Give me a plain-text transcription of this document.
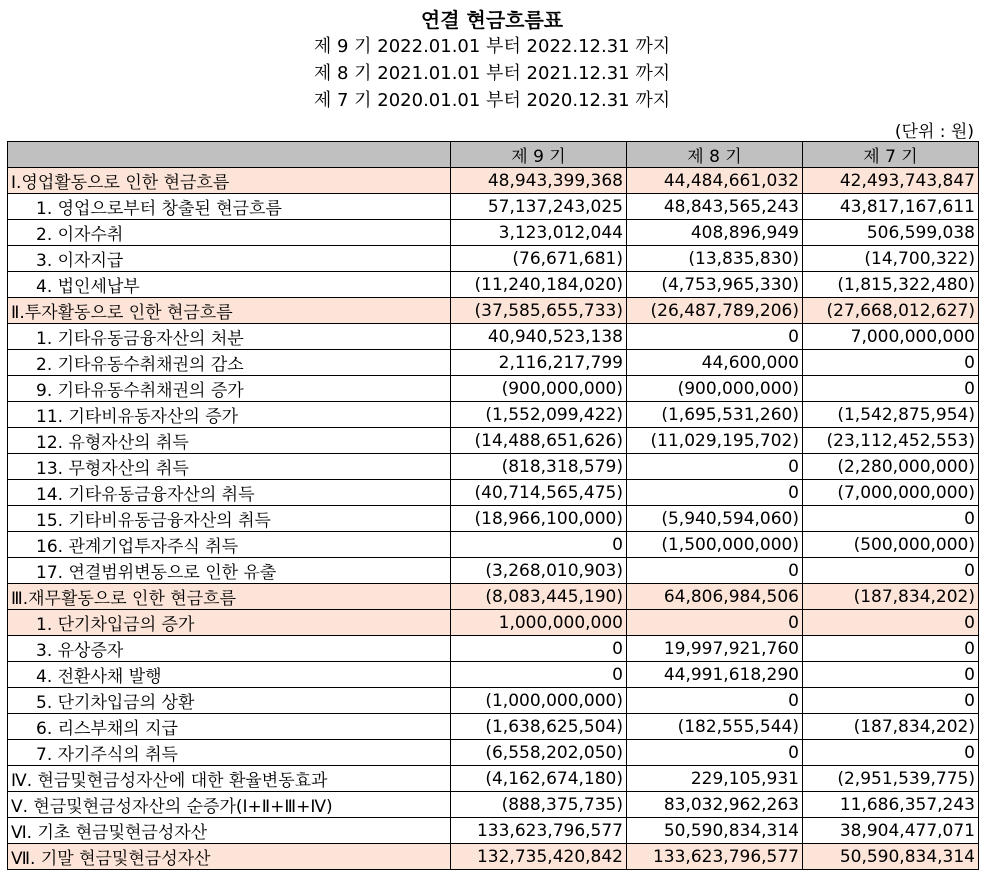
연결 현금흐름표
제 9 기 2022.01.01 부터 2022.12.31 까지
제 8 기 2021.01.01 부터 2021.12.31 까지
제 7 기 2020.01.01 부터 2020.12.31 까지
(단위 : 원)
	제 9 기	제 8 기	제 7 기
Ⅰ.영업활동으로 인한 현금흐름	48,943,399,368	44,484,661,032	42,493,743,847
1. 영업으로부터 창출된 현금흐름	57,137,243,025	48,843,565,243	43,817,167,611
2. 이자수취	3,123,012,044	408,896,949	506,599,038
3. 이자지급	(76,671,681)	(13,835,830)	(14,700,322)
4. 법인세납부	(11,240,184,020)	(4,753,965,330)	(1,815,322,480)
Ⅱ.투자활동으로 인한 현금흐름	(37,585,655,733)	(26,487,789,206)	(27,668,012,627)
1. 기타유동금융자산의 처분	40,940,523,138	0	7,000,000,000
2. 기타유동수취채권의 감소	2,116,217,799	44,600,000	0
9. 기타유동수취채권의 증가	(900,000,000)	(900,000,000)	0
11. 기타비유동자산의 증가	(1,552,099,422)	(1,695,531,260)	(1,542,875,954)
12. 유형자산의 취득	(14,488,651,626)	(11,029,195,702)	(23,112,452,553)
13. 무형자산의 취득	(818,318,579)	0	(2,280,000,000)
14. 기타유동금융자산의 취득	(40,714,565,475)	0	(7,000,000,000)
15. 기타비유동금융자산의 취득	(18,966,100,000)	(5,940,594,060)	0
16. 관계기업투자주식 취득	0	(1,500,000,000)	(500,000,000)
17. 연결범위변동으로 인한 유출	(3,268,010,903)	0	0
Ⅲ.재무활동으로 인한 현금흐름	(8,083,445,190)	64,806,984,506	(187,834,202)
1. 단기차입금의 증가	1,000,000,000	0	0
3. 유상증자	0	19,997,921,760	0
4. 전환사채 발행	0	44,991,618,290	0
5. 단기차입금의 상환	(1,000,000,000)	0	0
6. 리스부채의 지급	(1,638,625,504)	(182,555,544)	(187,834,202)
7. 자기주식의 취득	(6,558,202,050)	0	0
Ⅳ. 현금및현금성자산에 대한 환율변동효과	(4,162,674,180)	229,105,931	(2,951,539,775)
Ⅴ. 현금및현금성자산의 순증가(Ⅰ+Ⅱ+Ⅲ+Ⅳ)	(888,375,735)	83,032,962,263	11,686,357,243
Ⅵ. 기초 현금및현금성자산	133,623,796,577	50,590,834,314	38,904,477,071
Ⅶ. 기말 현금및현금성자산	132,735,420,842	133,623,796,577	50,590,834,314
